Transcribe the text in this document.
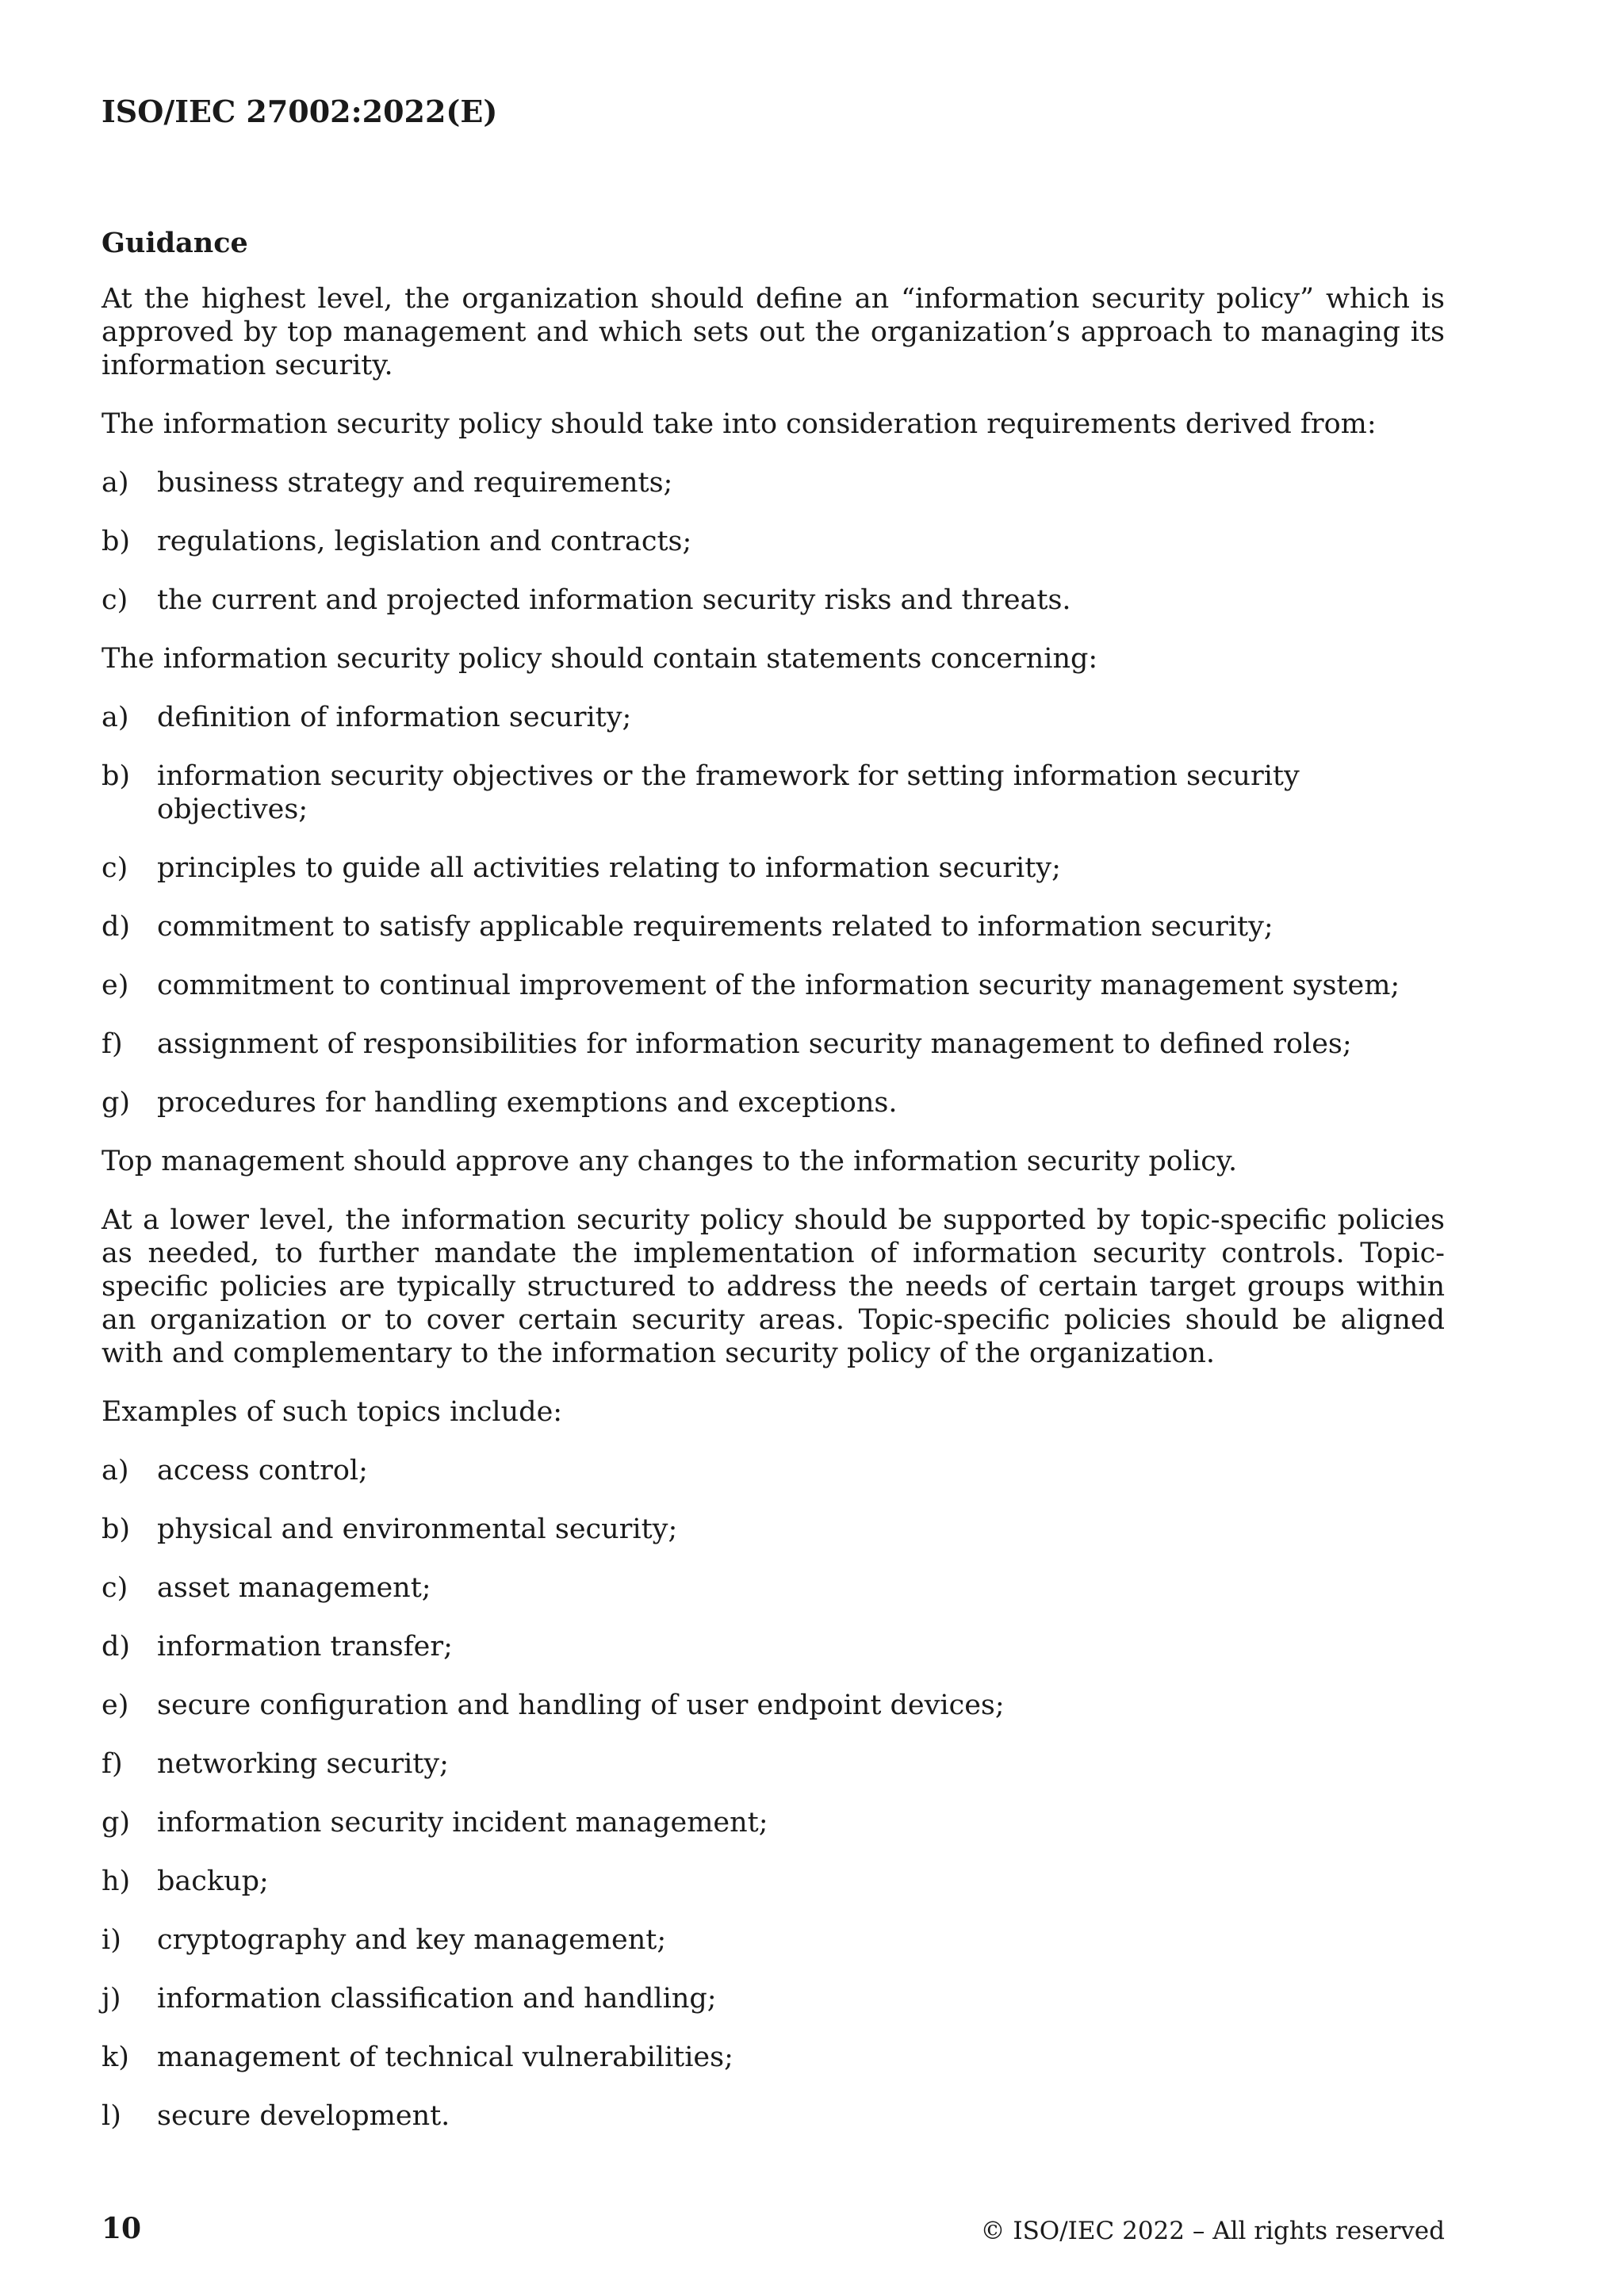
ISO/IEC 27002:2022(E)
Guidance

At the highest level, the organization should define an “information security policy” which is approved by top management and which sets out the organization’s approach to managing its information security.

The information security policy should take into consideration requirements derived from:

a)	business strategy and requirements;
b) regulations, legislation and contracts;
c)	the current and projected information security risks and threats.

The information security policy should contain statements concerning:

a)	definition of information security;
b) information security objectives or the framework for setting information security objectives;
c)	principles to guide all activities relating to information security;
d) commitment to satisfy applicable requirements related to information security;
e)	commitment to continual improvement of the information security management system;
f)	assignment of responsibilities for information security management to defined roles;
g) procedures for handling exemptions and exceptions.

Top management should approve any changes to the information security policy.

At a lower level, the information security policy should be supported by topic-specific policies as needed, to further mandate the implementation of information security controls. Topic-specific policies are typically structured to address the needs of certain target groups within an organization or to cover certain security areas. Topic-specific policies should be aligned with and complementary to the information security policy of the organization.

Examples of such topics include:

a)	access control;
b) physical and environmental security;
c)	asset management;
d) information transfer;
e)	secure configuration and handling of user endpoint devices;
f)	networking security;
g) information security incident management;
h) backup;
i)	cryptography and key management;
j)	information classification and handling;
k)	management of technical vulnerabilities;
l)	secure development.
10	© ISO/IEC 2022 – All rights reserved
